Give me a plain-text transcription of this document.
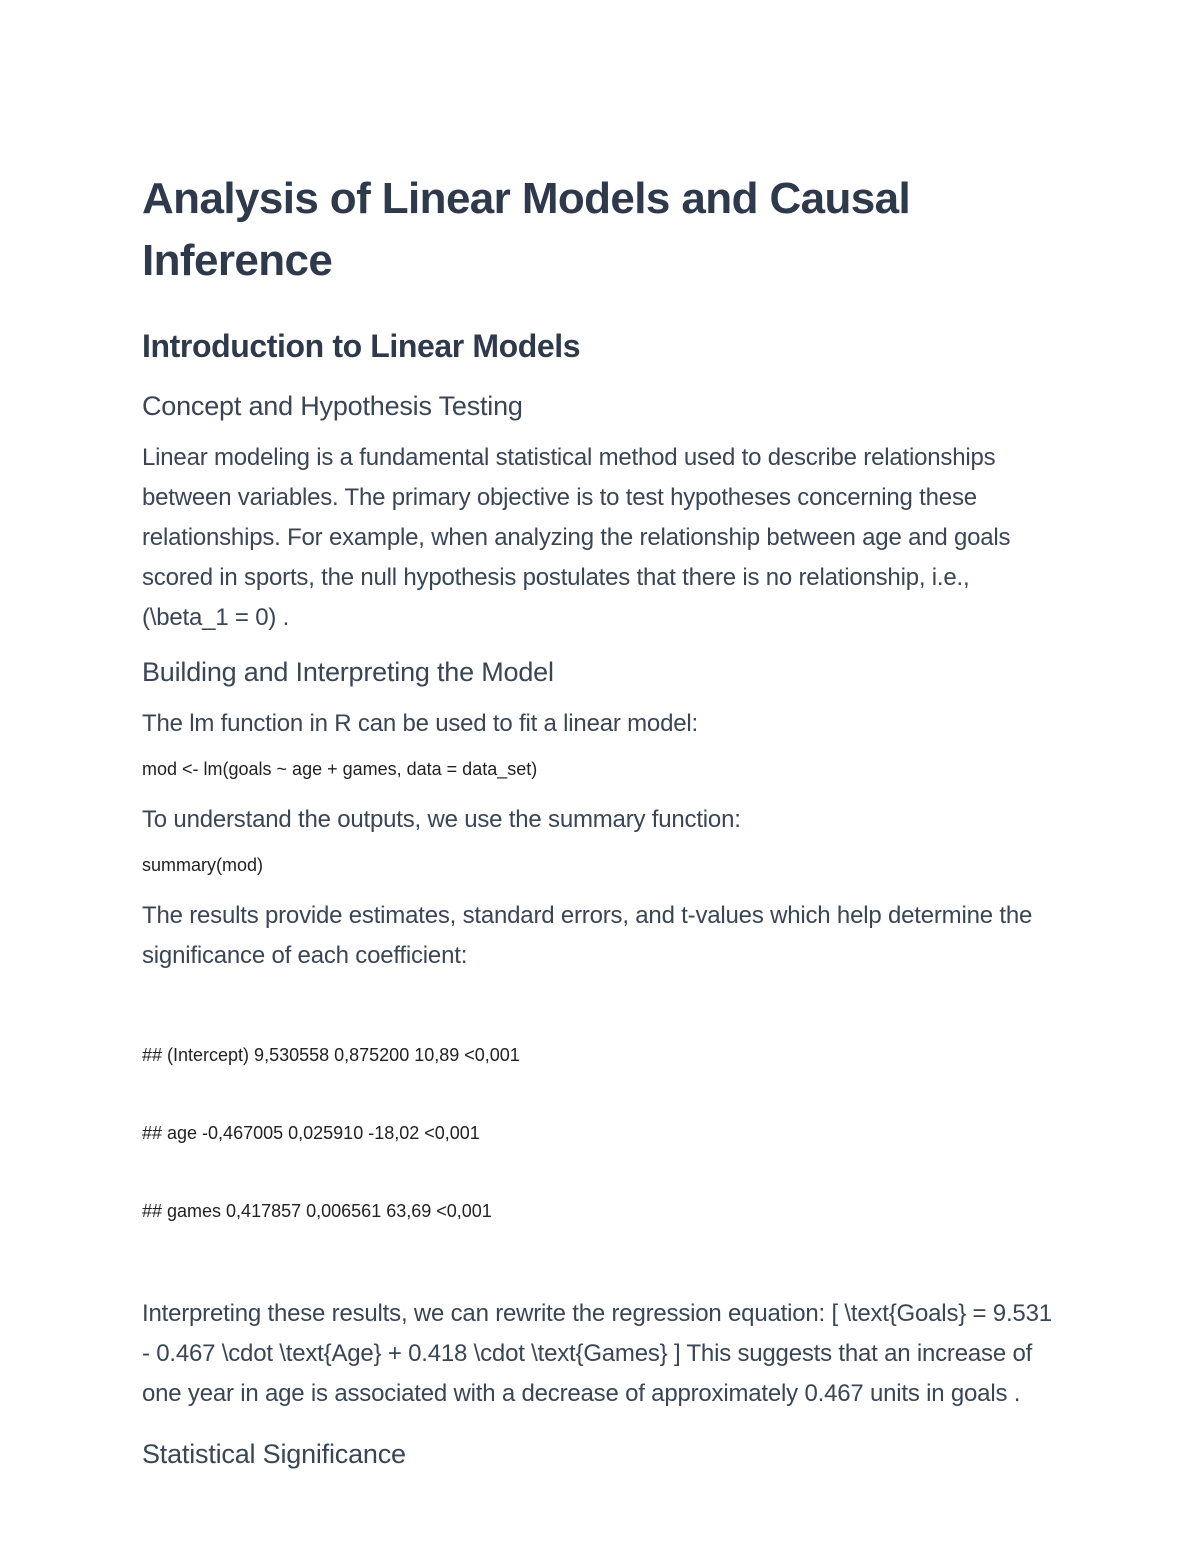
Analysis of Linear Models and Causal Inference
Introduction to Linear Models
Concept and Hypothesis Testing

Linear modeling is a fundamental statistical method used to describe relationships between variables. The primary objective is to test hypotheses concerning these relationships. For example, when analyzing the relationship between age and goals scored in sports, the null hypothesis postulates that there is no relationship, i.e., (\beta_1 = 0) .

Building and Interpreting the Model

The lm function in R can be used to fit a linear model:

mod <- lm(goals ~ age + games, data = data_set)

To understand the outputs, we use the summary function:

summary(mod)

The results provide estimates, standard errors, and t-values which help determine the significance of each coefficient:

## (Intercept) 9,530558 0,875200 10,89 <0,001

## age -0,467005 0,025910 -18,02 <0,001

## games 0,417857 0,006561 63,69 <0,001

Interpreting these results, we can rewrite the regression equation: [ \text{Goals} = 9.531 - 0.467 \cdot \text{Age} + 0.418 \cdot \text{Games} ] This suggests that an increase of one year in age is associated with a decrease of approximately 0.467 units in goals .

Statistical Significance
